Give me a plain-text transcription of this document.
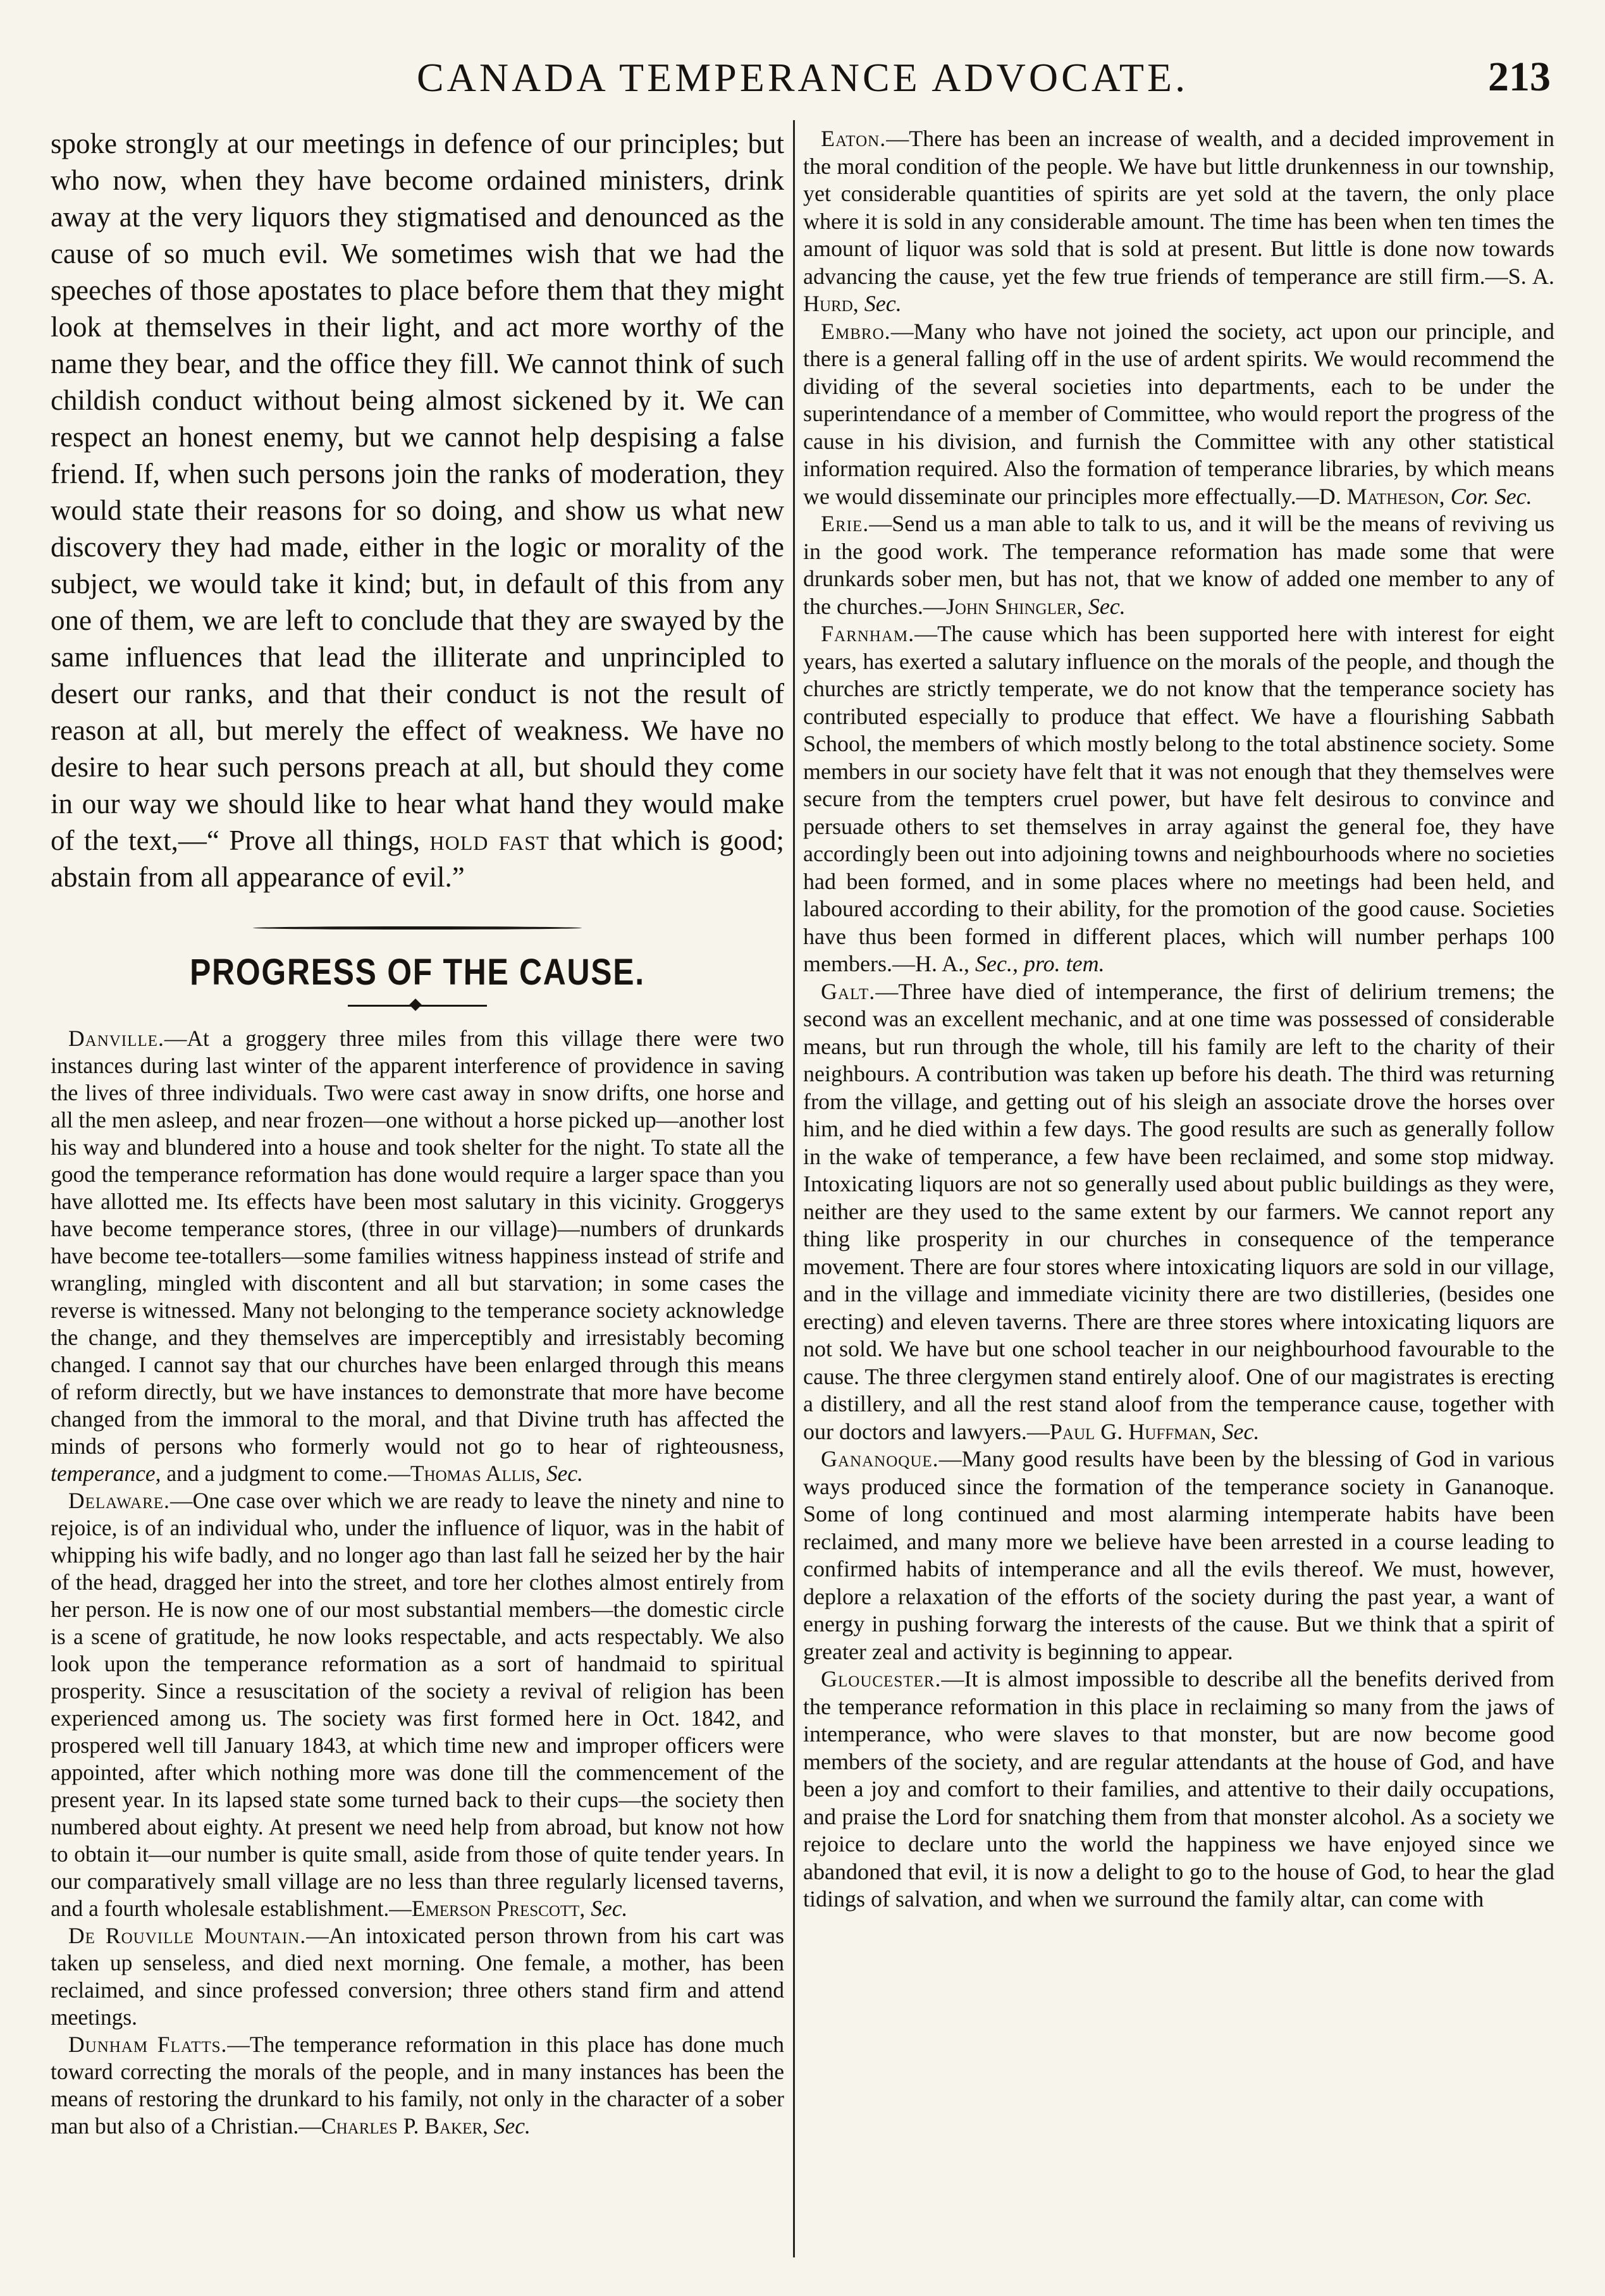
CANADA TEMPERANCE ADVOCATE.	213

spoke strongly at our meetings in defence of our principles; but who now, when they have become ordained ministers, drink away at the very liquors they stigmatised and denounced as the cause of so much evil. We sometimes wish that we had the speeches of those apostates to place before them that they might look at themselves in their light, and act more worthy of the name they bear, and the office they fill. We cannot think of such childish conduct without being almost sickened by it. We can respect an honest enemy, but we cannot help despising a false friend. If, when such persons join the ranks of moderation, they would state their reasons for so doing, and show us what new discovery they had made, either in the logic or morality of the subject, we would take it kind; but, in default of this from any one of them, we are left to conclude that they are swayed by the same influences that lead the illiterate and unprincipled to desert our ranks, and that their conduct is not the result of reason at all, but merely the effect of weakness. We have no desire to hear such persons preach at all, but should they come in our way we should like to hear what hand they would make of the text,—“ Prove all things, hold fast that which is good; abstain from all appearance of evil.”

PROGRESS OF THE CAUSE.

Danville.—At a groggery three miles from this village there were two instances during last winter of the apparent interference of providence in saving the lives of three individuals. Two were cast away in snow drifts, one horse and all the men asleep, and near frozen—one without a horse picked up—another lost his way and blundered into a house and took shelter for the night. To state all the good the temperance reformation has done would require a larger space than you have allotted me. Its effects have been most salutary in this vicinity. Groggerys have become temperance stores, (three in our village)—numbers of drunkards have become tee-totallers—some families witness happiness instead of strife and wrangling, mingled with discontent and all but starvation; in some cases the reverse is witnessed. Many not belonging to the temperance society acknowledge the change, and they themselves are imperceptibly and irresistably becoming changed. I cannot say that our churches have been enlarged through this means of reform directly, but we have instances to demonstrate that more have become changed from the immoral to the moral, and that Divine truth has affected the minds of persons who formerly would not go to hear of righteousness, temperance, and a judgment to come.—Thomas Allis, Sec.

Delaware.—One case over which we are ready to leave the ninety and nine to rejoice, is of an individual who, under the influence of liquor, was in the habit of whipping his wife badly, and no longer ago than last fall he seized her by the hair of the head, dragged her into the street, and tore her clothes almost entirely from her person. He is now one of our most substantial members—the domestic circle is a scene of gratitude, he now looks respectable, and acts respectably. We also look upon the temperance reformation as a sort of handmaid to spiritual prosperity. Since a resuscitation of the society a revival of religion has been experienced among us. The society was first formed here in Oct. 1842, and prospered well till January 1843, at which time new and improper officers were appointed, after which nothing more was done till the commencement of the present year. In its lapsed state some turned back to their cups—the society then numbered about eighty. At present we need help from abroad, but know not how to obtain it—our number is quite small, aside from those of quite tender years. In our comparatively small village are no less than three regularly licensed taverns, and a fourth wholesale establishment.—Emerson Prescott, Sec.

De Rouville Mountain.—An intoxicated person thrown from his cart was taken up senseless, and died next morning. One female, a mother, has been reclaimed, and since professed conversion; three others stand firm and attend meetings.

Dunham Flatts.—The temperance reformation in this place has done much toward correcting the morals of the people, and in many instances has been the means of restoring the drunkard to his family, not only in the character of a sober man but also of a Christian.—Charles P. Baker, Sec.

Eaton.—There has been an increase of wealth, and a decided improvement in the moral condition of the people. We have but little drunkenness in our township, yet considerable quantities of spirits are yet sold at the tavern, the only place where it is sold in any considerable amount. The time has been when ten times the amount of liquor was sold that is sold at present. But little is done now towards advancing the cause, yet the few true friends of temperance are still firm.—S. A. Hurd, Sec.

Embro.—Many who have not joined the society, act upon our principle, and there is a general falling off in the use of ardent spirits. We would recommend the dividing of the several societies into departments, each to be under the superintendance of a member of Committee, who would report the progress of the cause in his division, and furnish the Committee with any other statistical information required. Also the formation of temperance libraries, by which means we would disseminate our principles more effectually.—D. Matheson, Cor. Sec.

Erie.—Send us a man able to talk to us, and it will be the means of reviving us in the good work. The temperance reformation has made some that were drunkards sober men, but has not, that we know of added one member to any of the churches.—John Shingler, Sec.

Farnham.—The cause which has been supported here with interest for eight years, has exerted a salutary influence on the morals of the people, and though the churches are strictly temperate, we do not know that the temperance society has contributed especially to produce that effect. We have a flourishing Sabbath School, the members of which mostly belong to the total abstinence society. Some members in our society have felt that it was not enough that they themselves were secure from the tempters cruel power, but have felt desirous to convince and persuade others to set themselves in array against the general foe, they have accordingly been out into adjoining towns and neighbourhoods where no societies had been formed, and in some places where no meetings had been held, and laboured according to their ability, for the promotion of the good cause. Societies have thus been formed in different places, which will number perhaps 100 members.—H. A., Sec., pro. tem.

Galt.—Three have died of intemperance, the first of delirium tremens; the second was an excellent mechanic, and at one time was possessed of considerable means, but run through the whole, till his family are left to the charity of their neighbours. A contribution was taken up before his death. The third was returning from the village, and getting out of his sleigh an associate drove the horses over him, and he died within a few days. The good results are such as generally follow in the wake of temperance, a few have been reclaimed, and some stop midway. Intoxicating liquors are not so generally used about public buildings as they were, neither are they used to the same extent by our farmers. We cannot report any thing like prosperity in our churches in consequence of the temperance movement. There are four stores where intoxicating liquors are sold in our village, and in the village and immediate vicinity there are two distilleries, (besides one erecting) and eleven taverns. There are three stores where intoxicating liquors are not sold. We have but one school teacher in our neighbourhood favourable to the cause. The three clergymen stand entirely aloof. One of our magistrates is erecting a distillery, and all the rest stand aloof from the temperance cause, together with our doctors and lawyers.—Paul G. Huffman, Sec.

Gananoque.—Many good results have been by the blessing of God in various ways produced since the formation of the temperance society in Gananoque. Some of long continued and most alarming intemperate habits have been reclaimed, and many more we believe have been arrested in a course leading to confirmed habits of intemperance and all the evils thereof. We must, however, deplore a relaxation of the efforts of the society during the past year, a want of energy in pushing forwarg the interests of the cause. But we think that a spirit of greater zeal and activity is beginning to appear.

Gloucester.—It is almost impossible to describe all the benefits derived from the temperance reformation in this place in reclaiming so many from the jaws of intemperance, who were slaves to that monster, but are now become good members of the society, and are regular attendants at the house of God, and have been a joy and comfort to their families, and attentive to their daily occupations, and praise the Lord for snatching them from that monster alcohol. As a society we rejoice to declare unto the world the happiness we have enjoyed since we abandoned that evil, it is now a delight to go to the house of God, to hear the glad tidings of salvation, and when we surround the family altar, can come with
